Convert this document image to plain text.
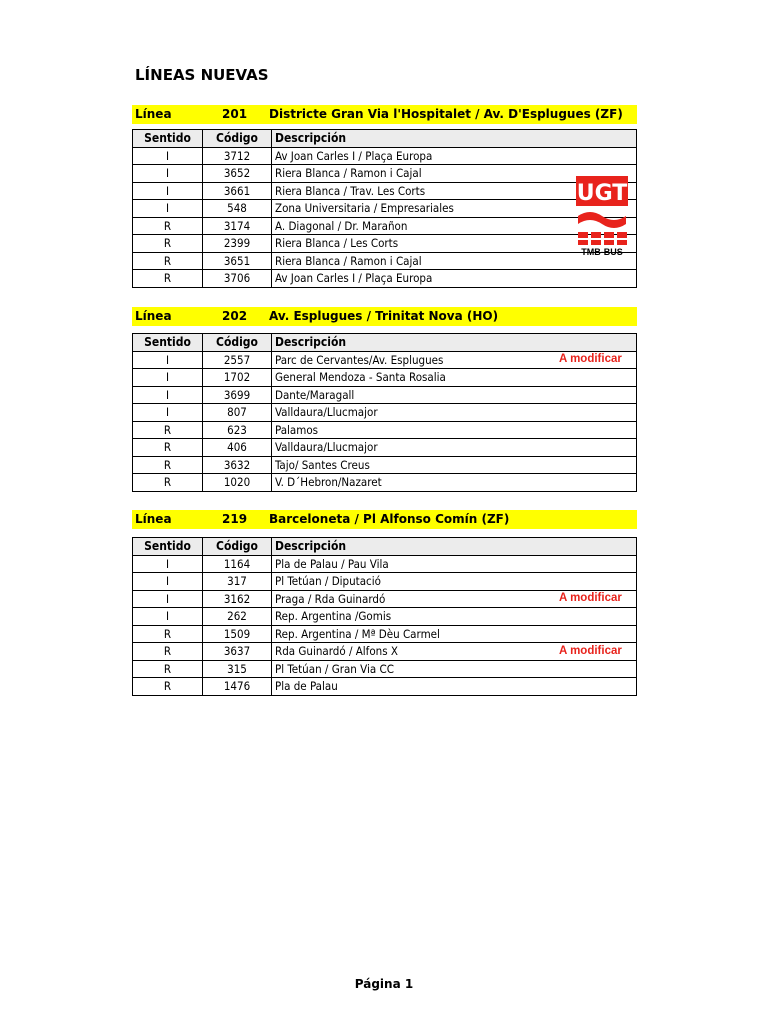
LÍNEAS NUEVAS
Línea	201 Districte Gran Via l'Hospitalet / Av. D'Esplugues (ZF)
Sentido	Código	Descripción
I	3712	Av Joan Carles I / Plaça Europa
I	3652	Riera Blanca / Ramon i Cajal
I	3661	Riera Blanca / Trav. Les Corts
I	548	Zona Universitaria / Empresariales
R	3174	A. Diagonal / Dr. Marañon
R	2399	Riera Blanca / Les Corts
R	3651	Riera Blanca / Ramon i Cajal
R	3706	Av Joan Carles I / Plaça Europa
Línea	202 Av. Esplugues / Trinitat Nova (HO)
Sentido	Código	Descripción
I	2557	Parc de Cervantes/Av. Esplugues
I	1702	General Mendoza - Santa Rosalia
I	3699	Dante/Maragall
I	807	Valldaura/Llucmajor
R	623	Palamos
R	406	Valldaura/Llucmajor
R	3632	Tajo/ Santes Creus
R	1020	V. D´Hebron/Nazaret
Línea	219 Barceloneta / Pl Alfonso Comín (ZF)
Sentido	Código	Descripción
I	1164	Pla de Palau / Pau Vila
I	317	Pl Tetúan / Diputació
I	3162	Praga / Rda Guinardó
I	262	Rep. Argentina /Gomis
R	1509	Rep. Argentina / Mª Dèu Carmel
R	3637	Rda Guinardó / Alfons X
R	315	Pl Tetúan / Gran Via CC
R	1476	Pla de Palau
A modificar
A modificar
A modificar
UGT
TMB-BUS
Página 1
